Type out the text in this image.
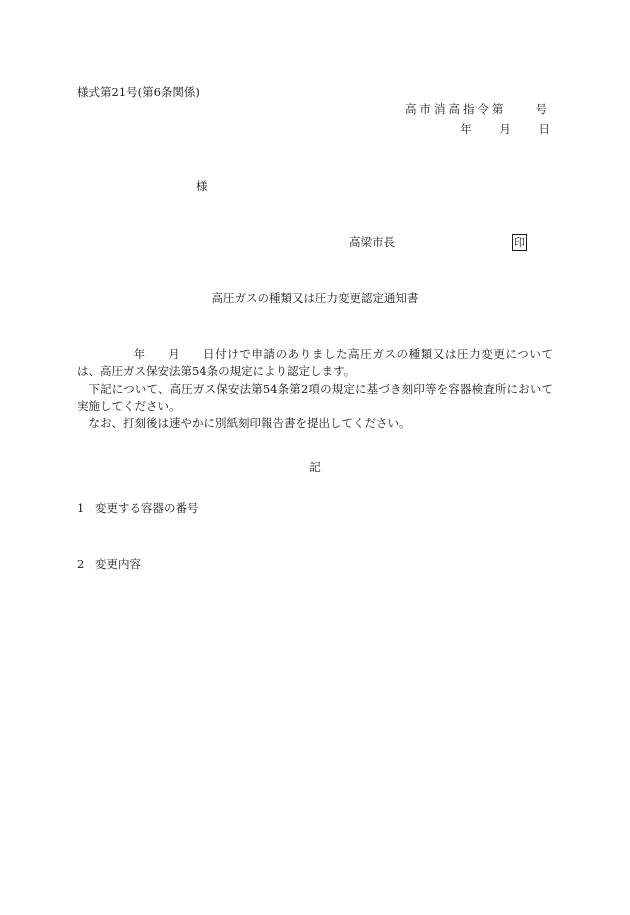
様式第21号(第6条関係)
高市消高指令第　　号
年 月 日
様
高梁市長	印
高圧ガスの種類又は圧力変更認定通知書

年 月 日付けで申請のありました高圧ガスの種類又は圧力変更については、高圧ガス保安法第54条の規定により認定します。

下記について、高圧ガス保安法第54条第2項の規定に基づき刻印等を容器検査所において実施してください。

なお、打刻後は速やかに別紙刻印報告書を提出してください。

記
1 変更する容器の番号
2 変更内容
